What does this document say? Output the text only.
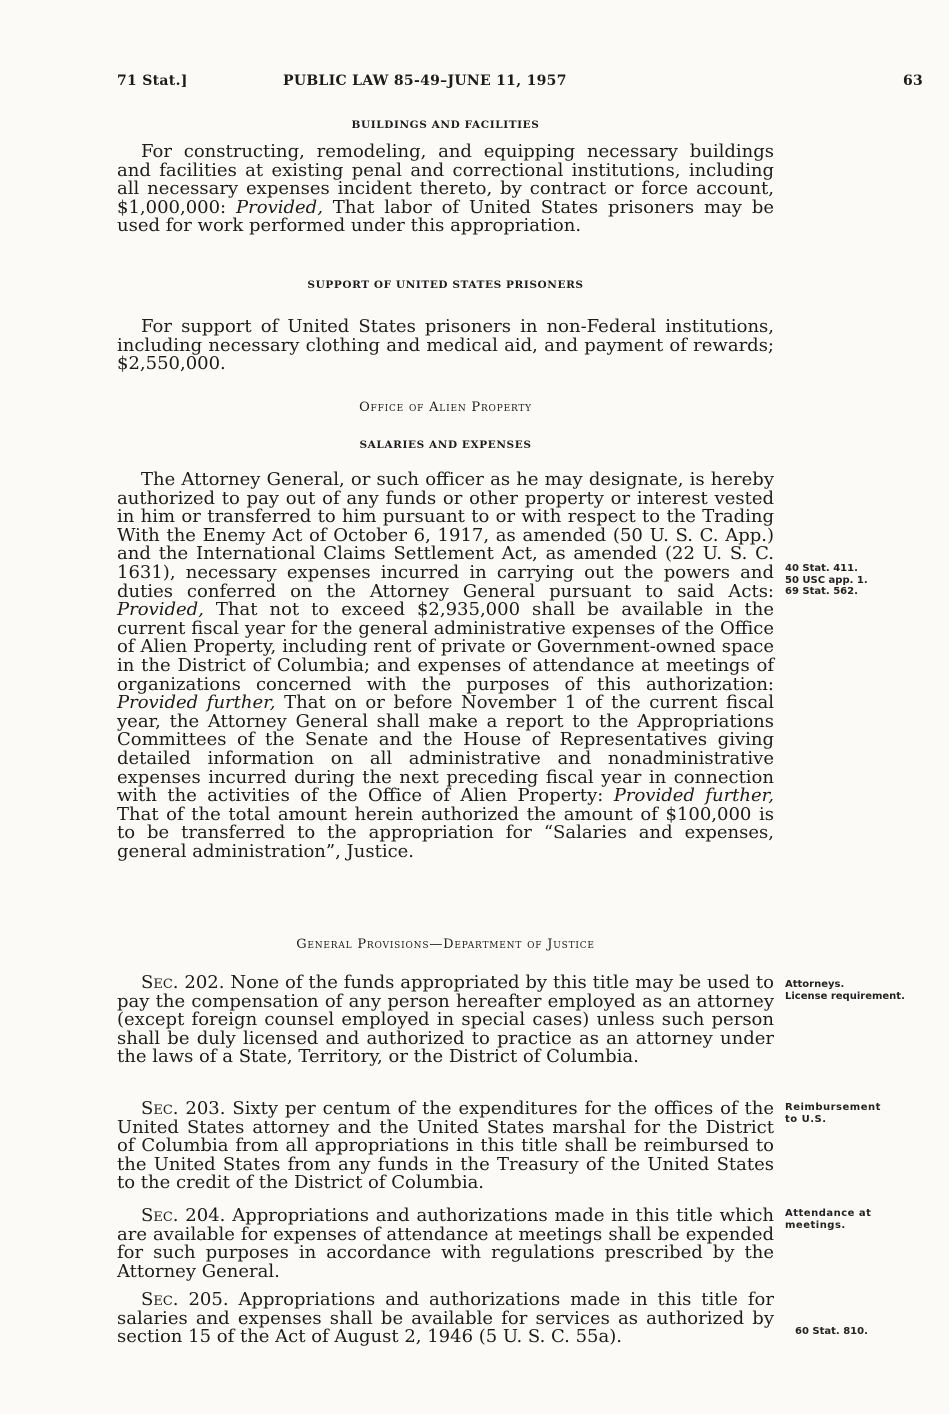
71 Stat.]	PUBLIC LAW 85-49–JUNE 11, 1957	63
BUILDINGS AND FACILITIES

For constructing, remodeling, and equipping necessary buildings and facilities at existing penal and correctional institutions, including all necessary expenses incident thereto, by contract or force account, $1,000,000: Provided, That labor of United States prisoners may be used for work performed under this appropriation.

SUPPORT OF UNITED STATES PRISONERS

For support of United States prisoners in non-Federal institutions, including necessary clothing and medical aid, and payment of rewards; $2,550,000.

Office of Alien Property
SALARIES AND EXPENSES

The Attorney General, or such officer as he may designate, is hereby authorized to pay out of any funds or other property or interest vested in him or transferred to him pursuant to or with respect to the Trading With the Enemy Act of October 6, 1917, as amended (50 U. S. C. App.) and the International Claims Settlement Act, as amended (22 U. S. C. 1631), necessary expenses incurred in carrying out the powers and duties conferred on the Attorney General pursuant to said Acts: Provided, That not to exceed $2,935,000 shall be available in the current fiscal year for the general administrative expenses of the Office of Alien Property, including rent of private or Government-owned space in the District of Columbia; and expenses of attendance at meetings of organizations concerned with the purposes of this authorization: Provided further, That on or before November 1 of the current fiscal year, the Attorney General shall make a report to the Appropriations Committees of the Senate and the House of Representatives giving detailed information on all administrative and nonadministrative expenses incurred during the next preceding fiscal year in connection with the activities of the Office of Alien Property: Provided further, That of the total amount herein authorized the amount of $100,000 is to be transferred to the appropriation for “Salaries and expenses, general administration”, Justice.

General Provisions—Department of Justice

Sec. 202. None of the funds appropriated by this title may be used to pay the compensation of any person hereafter employed as an attorney (except foreign counsel employed in special cases) unless such person shall be duly licensed and authorized to practice as an attorney under the laws of a State, Territory, or the District of Columbia.

Sec. 203. Sixty per centum of the expenditures for the offices of the United States attorney and the United States marshal for the District of Columbia from all appropriations in this title shall be reimbursed to the United States from any funds in the Treasury of the United States to the credit of the District of Columbia.

Sec. 204. Appropriations and authorizations made in this title which are available for expenses of attendance at meetings shall be expended for such purposes in accordance with regulations prescribed by the Attorney General.

Sec. 205. Appropriations and authorizations made in this title for salaries and expenses shall be available for services as authorized by section 15 of the Act of August 2, 1946 (5 U. S. C. 55a).

40 Stat. 411.
50 USC app. 1.
69 Stat. 562.
Attorneys.
License requirement.
Reimbursement
to U.S.
Attendance at
meetings.
60 Stat. 810.
